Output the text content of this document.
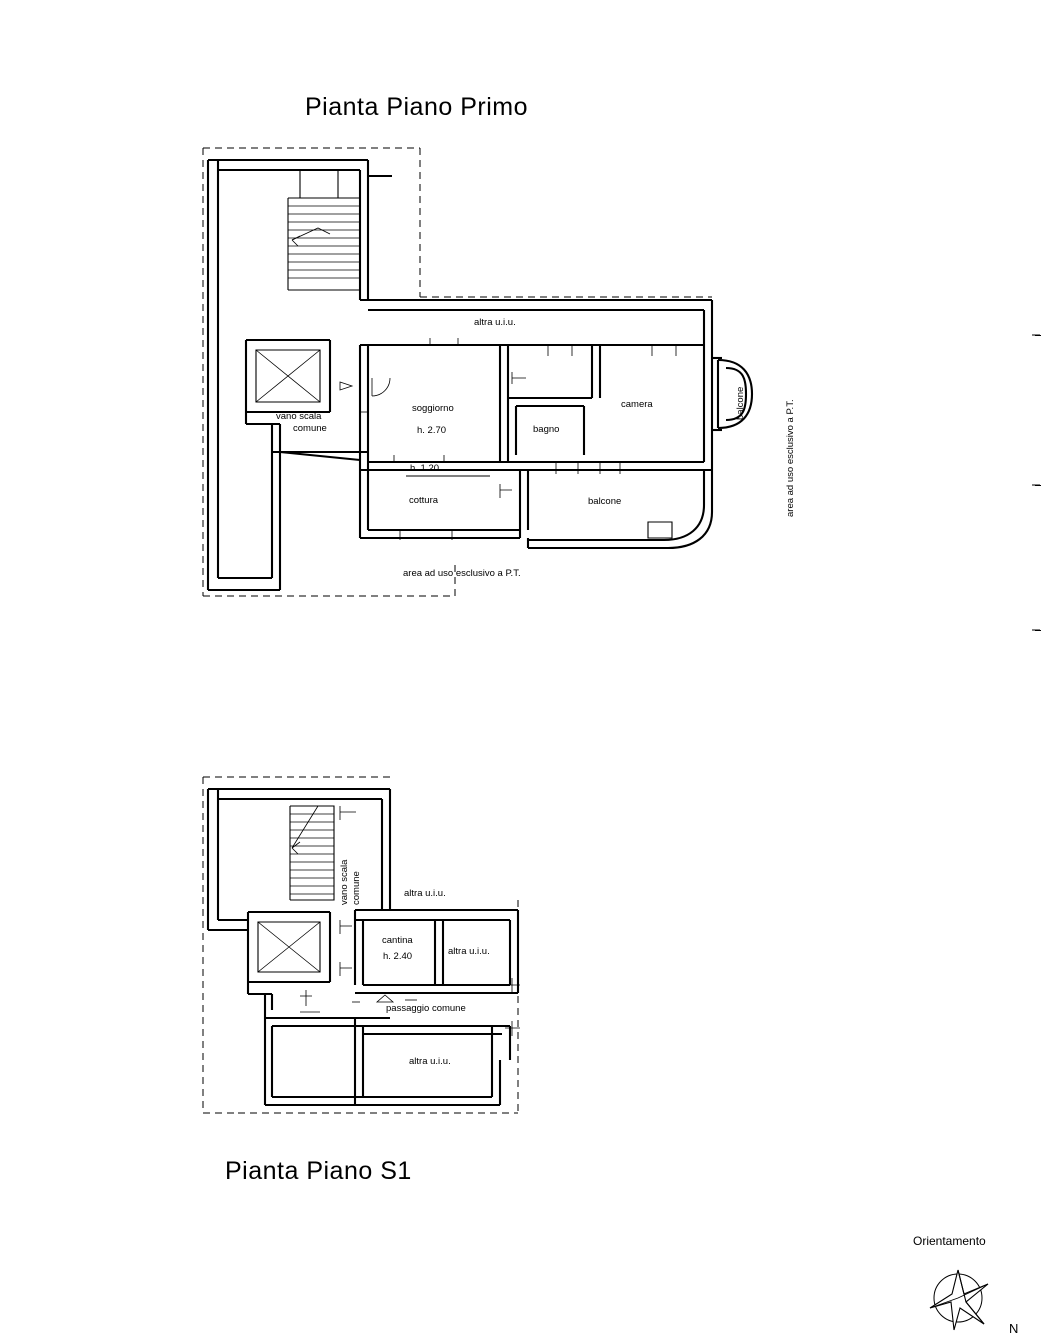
Pianta Piano Primo
Pianta Piano S1
altra u.i.u.
soggiorno
h. 2.70	bagno
camera
h. 1.20
cottura	balcone
balcone
vano scala
comune
area ad uso esclusivo a P.T.
area ad uso esclusivo a P.T.
vano scala comune	altra u.i.u.
cantina
h. 2.40	altra u.i.u.
passaggio comune
altra u.i.u.
Orientamento
N
